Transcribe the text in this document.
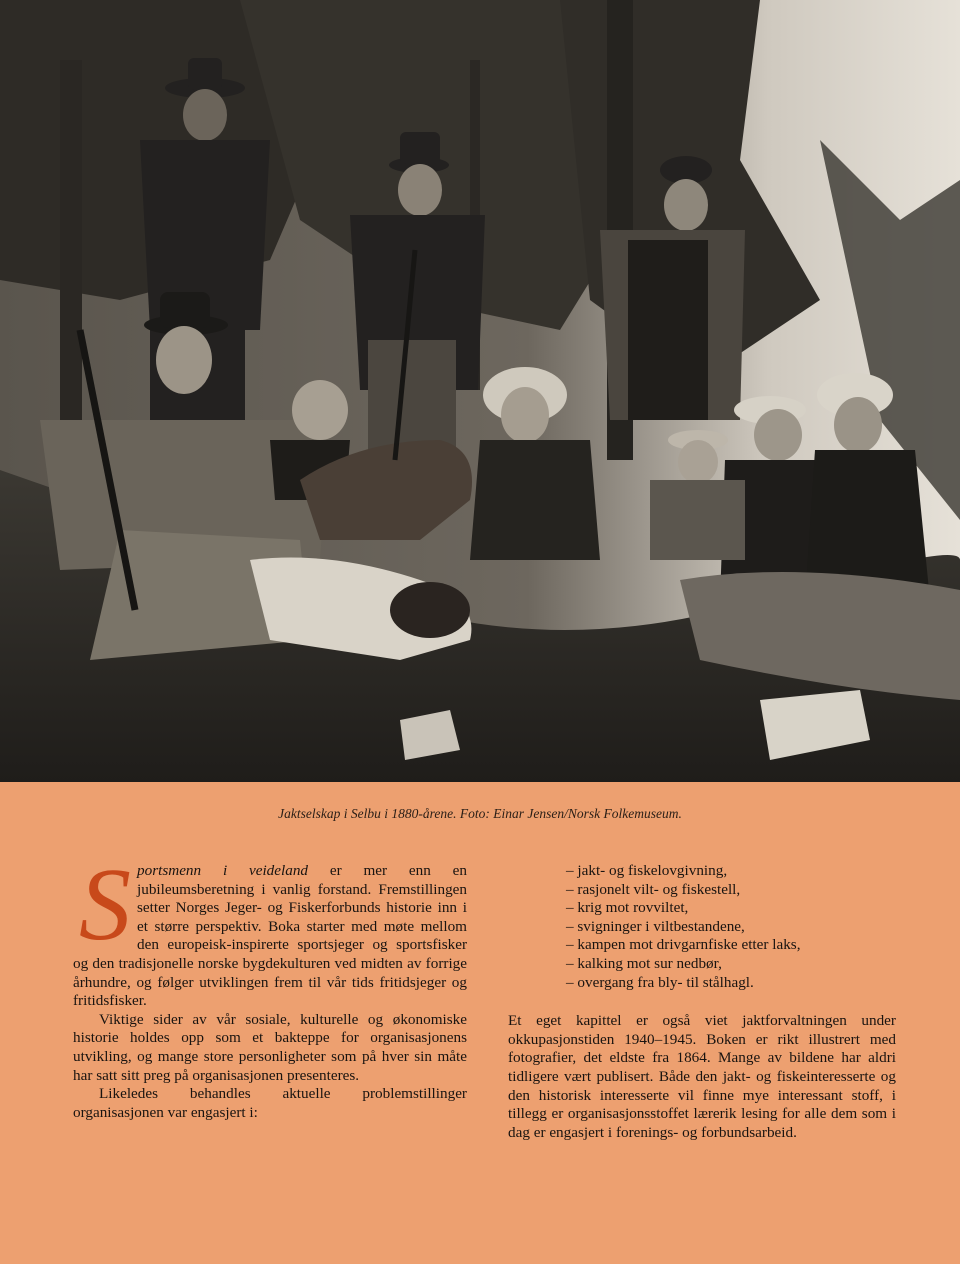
Jaktselskap i Selbu i 1880-årene. Foto: Einar Jensen/Norsk Folkemuseum.

Sportsmenn i veideland er mer enn en jubileumsberetning i vanlig forstand. Fremstillingen setter Norges Jeger- og Fiskerforbunds historie inn i et større perspektiv. Boka starter med møte mellom den europeisk-inspirerte sportsjeger og sportsfisker og den tradisjonelle norske bygdekulturen ved midten av forrige århundre, og følger utviklingen frem til vår tids fritidsjeger og fritidsfisker.

Viktige sider av vår sosiale, kulturelle og økonomiske historie holdes opp som et bakteppe for organisasjonens utvikling, og mange store personligheter som på hver sin måte har satt sitt preg på organisasjonen presenteres.

Likeledes behandles aktuelle problemstillinger organisasjonen var engasjert i:

– jakt- og fiskelovgivning,
– rasjonelt vilt- og fiskestell,
– krig mot rovviltet,
– svigninger i viltbestandene,
– kampen mot drivgarnfiske etter laks,
– kalking mot sur nedbør,
– overgang fra bly- til stålhagl.

Et eget kapittel er også viet jaktforvaltningen under okkupasjonstiden 1940–1945. Boken er rikt illustrert med fotografier, det eldste fra 1864. Mange av bildene har aldri tidligere vært publisert. Både den jakt- og fiskeinteresserte og den historisk interesserte vil finne mye interessant stoff, i tillegg er organisasjonsstoffet lærerik lesing for alle dem som i dag er engasjert i forenings- og forbundsarbeid.
